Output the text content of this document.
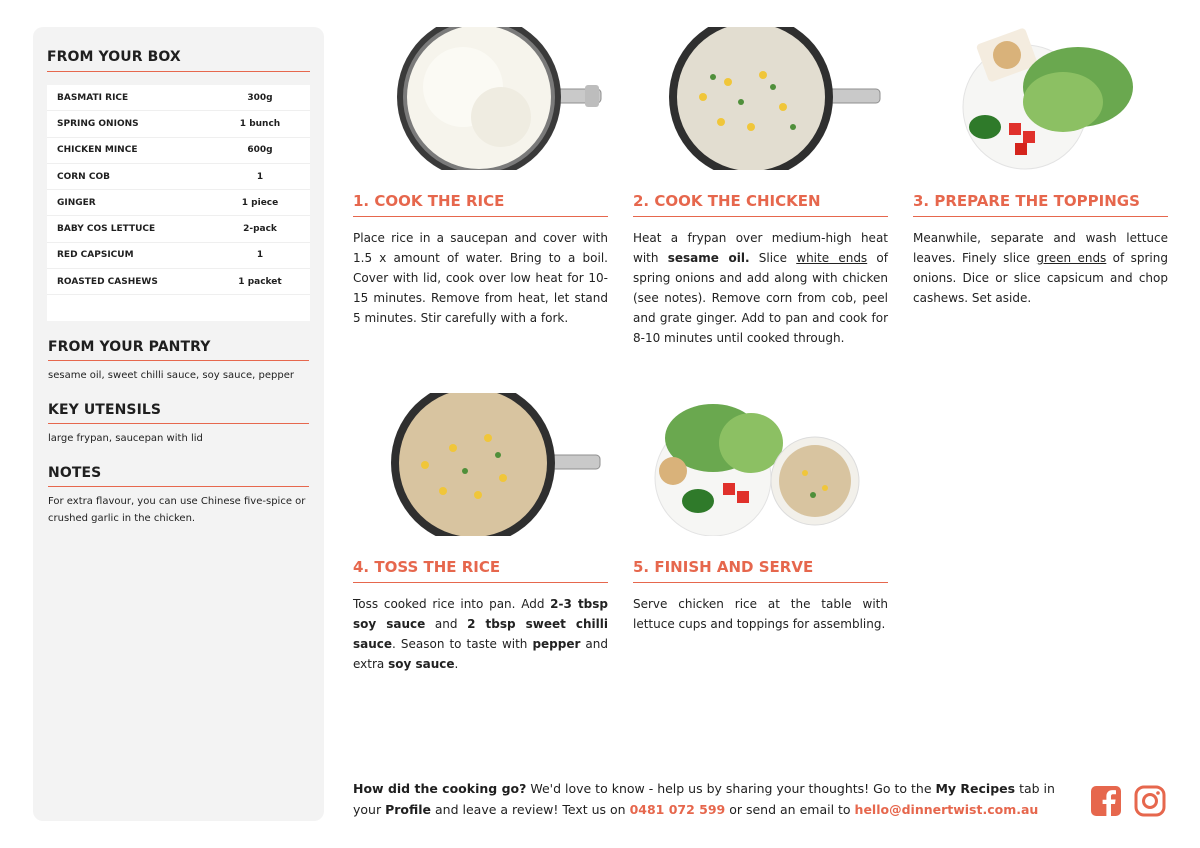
FROM YOUR BOX
BASMATI RICE	300g
SPRING ONIONS	1 bunch
CHICKEN MINCE	600g
CORN COB	1
GINGER	1 piece
BABY COS LETTUCE	2-pack
RED CAPSICUM	1
ROASTED CASHEWS	1 packet
FROM YOUR PANTRY
sesame oil, sweet chilli sauce, soy sauce, pepper
KEY UTENSILS
large frypan, saucepan with lid
NOTES
For extra flavour, you can use Chinese five-spice or crushed garlic in the chicken.
1. COOK THE RICE
Place rice in a saucepan and cover with 1.5 x amount of water. Bring to a boil. Cover with lid, cook over low heat for 10-15 minutes. Remove from heat, let stand 5 minutes. Stir carefully with a fork.
2. COOK THE CHICKEN
Heat a frypan over medium-high heat with sesame oil. Slice white ends of spring onions and add along with chicken (see notes). Remove corn from cob, peel and grate ginger. Add to pan and cook for 8-10 minutes until cooked through.
3. PREPARE THE TOPPINGS
Meanwhile, separate and wash lettuce leaves. Finely slice green ends of spring onions. Dice or slice capsicum and chop cashews. Set aside.
4. TOSS THE RICE
Toss cooked rice into pan. Add 2-3 tbsp soy sauce and 2 tbsp sweet chilli sauce. Season to taste with pepper and extra soy sauce.
5. FINISH AND SERVE
Serve chicken rice at the table with lettuce cups and toppings for assembling.
How did the cooking go? We'd love to know - help us by sharing your thoughts! Go to the My Recipes tab in your Profile and leave a review! Text us on 0481 072 599 or send an email to hello@dinnertwist.com.au
